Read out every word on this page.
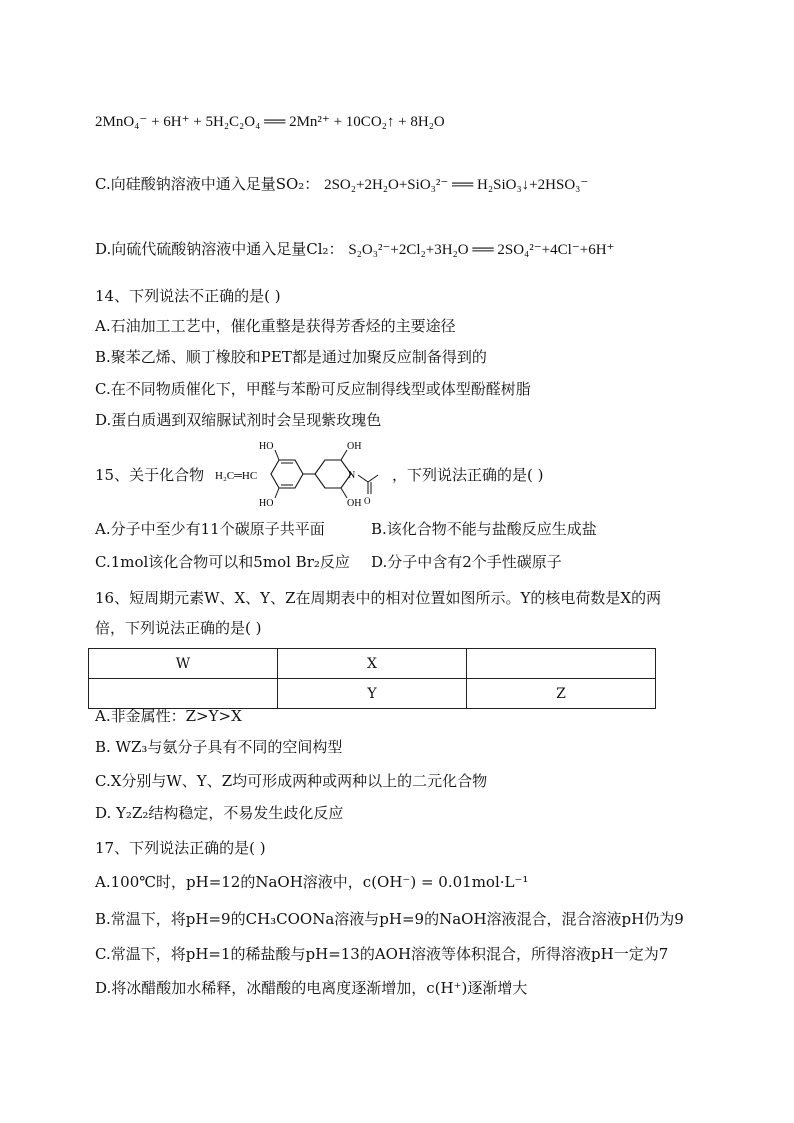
2MnO₄⁻ + 6H⁺ + 5H₂C₂O₄ ══ 2Mn²⁺ + 10CO₂↑ + 8H₂O
C.向硅酸钠溶液中通入足量SO₂： 2SO₂+2H₂O+SiO₃²⁻ ══ H₂SiO₃↓+2HSO₃⁻
D.向硫代硫酸钠溶液中通入足量Cl₂： S₂O₃²⁻+2Cl₂+3H₂O ══ 2SO₄²⁻+4Cl⁻+6H⁺
14、下列说法不正确的是( )
A.石油加工工艺中，催化重整是获得芳香烃的主要途径
B.聚苯乙烯、顺丁橡胶和PET都是通过加聚反应制备得到的
C.在不同物质催化下，甲醛与苯酚可反应制得线型或体型酚醛树脂
D.蛋白质遇到双缩脲试剂时会呈现紫玫瑰色
15、关于化合物 H₂C═HC
HO
HO
N
OH
OH O
，下列说法正确的是( )
A.分子中至少有11个碳原子共平面	B.该化合物不能与盐酸反应生成盐
C.1mol该化合物可以和5mol Br₂反应 D.分子中含有2个手性碳原子
16、短周期元素W、X、Y、Z在周期表中的相对位置如图所示。Y的核电荷数是X的两
倍，下列说法正确的是( )
W	X	
	Y	Z
A.非金属性：Z>Y>X
B. WZ₃与氨分子具有不同的空间构型
C.X分别与W、Y、Z均可形成两种或两种以上的二元化合物
D. Y₂Z₂结构稳定，不易发生歧化反应
17、下列说法正确的是( )
A.100℃时，pH=12的NaOH溶液中，c(OH⁻) = 0.01mol·L⁻¹
B.常温下，将pH=9的CH₃COONa溶液与pH=9的NaOH溶液混合，混合溶液pH仍为9
C.常温下，将pH=1的稀盐酸与pH=13的AOH溶液等体积混合，所得溶液pH一定为7
D.将冰醋酸加水稀释，冰醋酸的电离度逐渐增加，c(H⁺)逐渐增大
